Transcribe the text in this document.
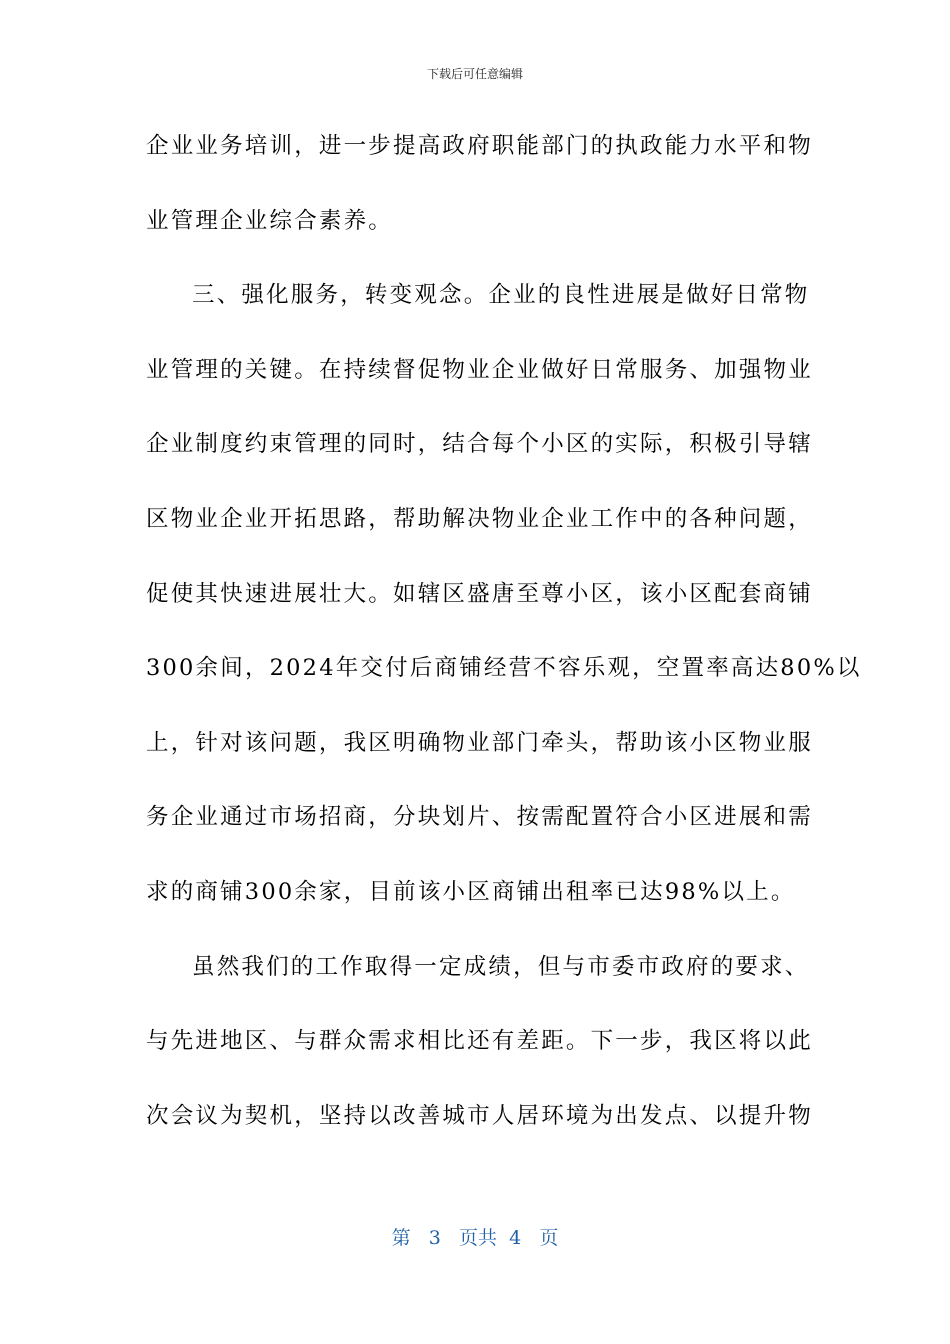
下载后可任意编辑
企业业务培训，进一步提高政府职能部门的执政能力水平和物
业管理企业综合素养。
三、强化服务，转变观念。企业的良性进展是做好日常物
业管理的关键。在持续督促物业企业做好日常服务、加强物业
企业制度约束管理的同时，结合每个小区的实际，积极引导辖
区物业企业开拓思路，帮助解决物业企业工作中的各种问题，
促使其快速进展壮大。如辖区盛唐至尊小区，该小区配套商铺
300余间，2024年交付后商铺经营不容乐观，空置率高达80%以
上，针对该问题，我区明确物业部门牵头，帮助该小区物业服
务企业通过市场招商，分块划片、按需配置符合小区进展和需
求的商铺300余家，目前该小区商铺出租率已达98%以上。
虽然我们的工作取得一定成绩，但与市委市政府的要求、
与先进地区、与群众需求相比还有差距。下一步，我区将以此
次会议为契机，坚持以改善城市人居环境为出发点、以提升物
第 3 页共 4 页
